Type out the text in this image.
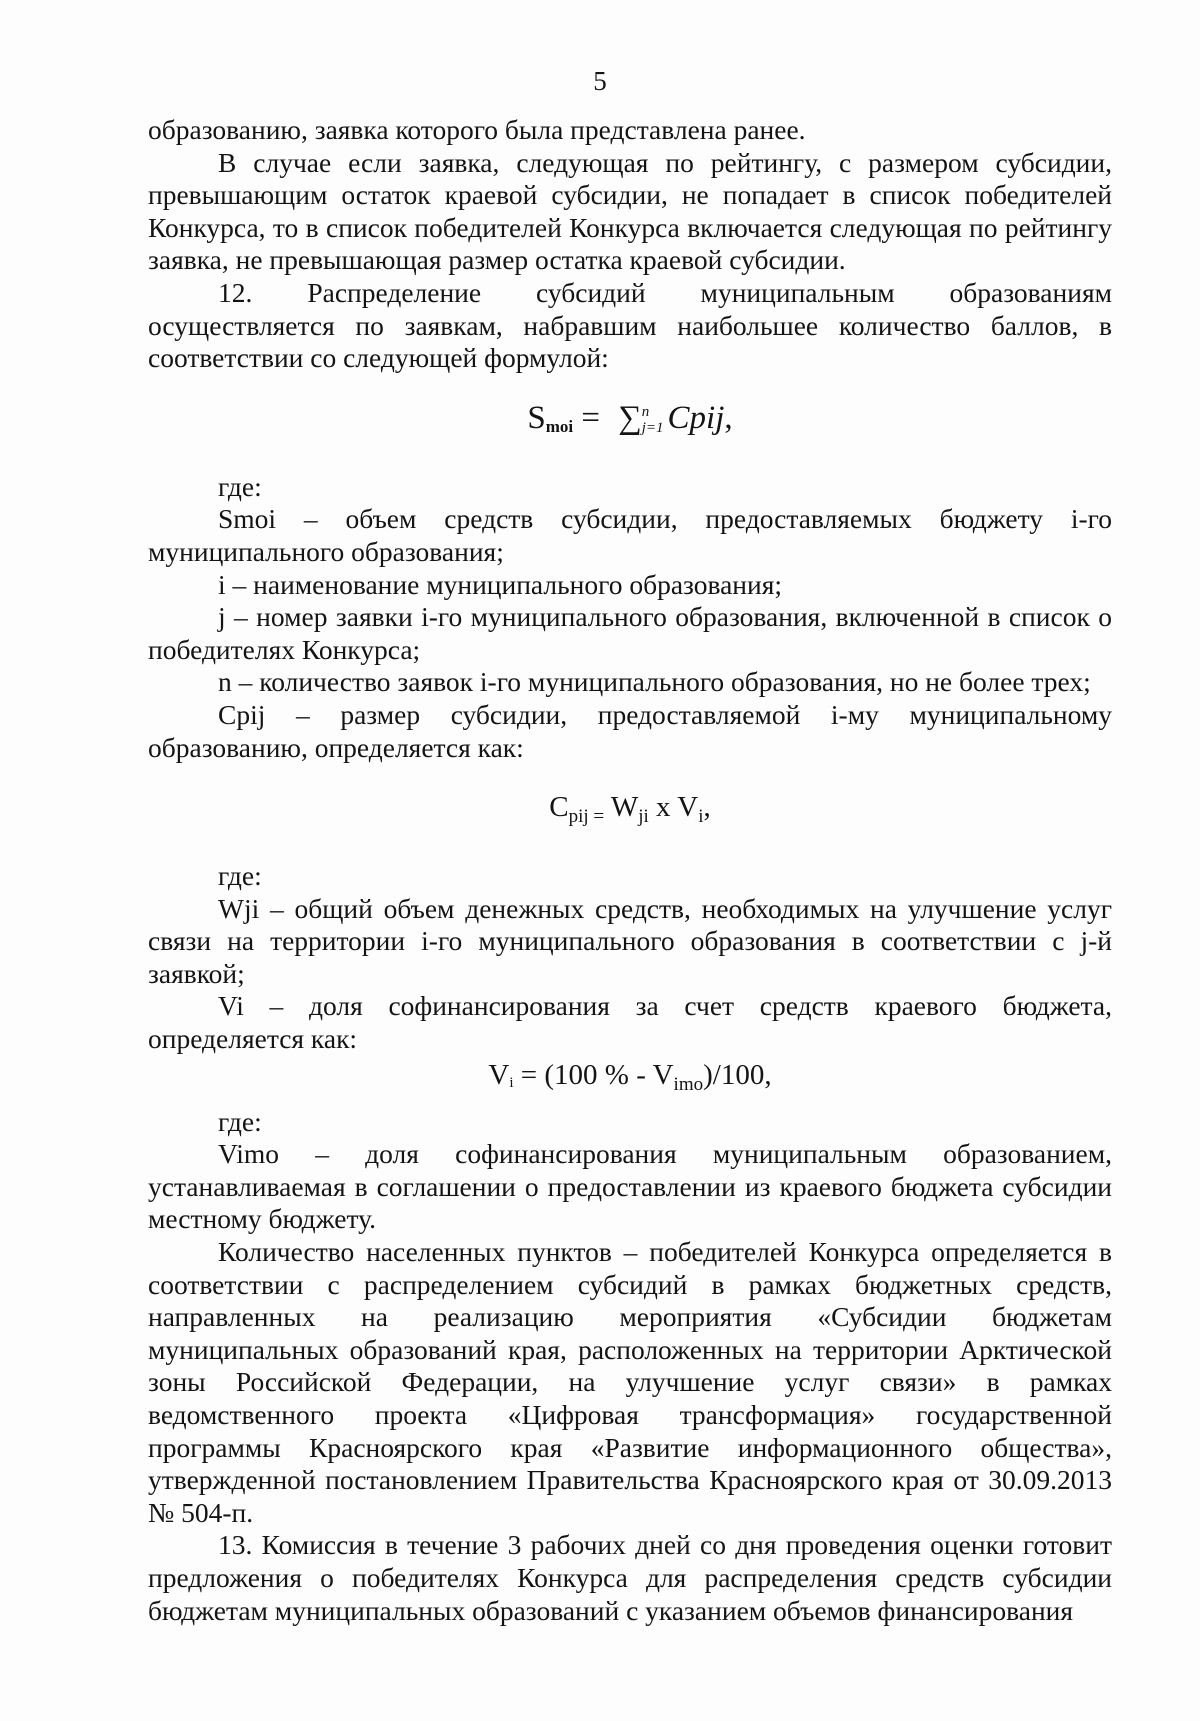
5

образованию, заявка которого была представлена ранее.

В случае если заявка, следующая по рейтингу, с размером субсидии, превышающим остаток краевой субсидии, не попадает в список победителей Конкурса, то в список победителей Конкурса включается следующая по рейтингу заявка, не превышающая размер остатка краевой субсидии.

12. Распределение субсидий муниципальным образованиям осуществляется по заявкам, набравшим наибольшее количество баллов, в соответствии со следующей формулой:

Smoi = ∑n
j=1 Cpij,

где:

Smoi – объем средств субсидии, предоставляемых бюджету i-го муниципального образования;

i – наименование муниципального образования;

j – номер заявки i-го муниципального образования, включенной в список о победителях Конкурса;

n – количество заявок i-го муниципального образования, но не более трех;

Cpij – размер субсидии, предоставляемой i-му муниципальному образованию, определяется как:

$C_{pij =}$ $W_{ji}$ x $V_i$,

где:

Wji – общий объем денежных средств, необходимых на улучшение услуг связи на территории i-го муниципального образования в соответствии с j-й заявкой;

Vi – доля софинансирования за счет средств краевого бюджета, определяется как:

Vi = (100 % - $V_{imo})/100$,

где:

Vimo – доля софинансирования муниципальным образованием, устанавливаемая в соглашении о предоставлении из краевого бюджета субсидии местному бюджету.

Количество населенных пунктов – победителей Конкурса определяется в соответствии с распределением субсидий в рамках бюджетных средств, направленных на реализацию мероприятия «Субсидии бюджетам муниципальных образований края, расположенных на территории Арктической зоны Российской Федерации, на улучшение услуг связи» в рамках ведомственного проекта «Цифровая трансформация» государственной программы Красноярского края «Развитие информационного общества», утвержденной постановлением Правительства Красноярского края от 30.09.2013 № 504-п.

13. Комиссия в течение 3 рабочих дней со дня проведения оценки готовит предложения о победителях Конкурса для распределения средств субсидии бюджетам муниципальных образований с указанием объемов финансирования
